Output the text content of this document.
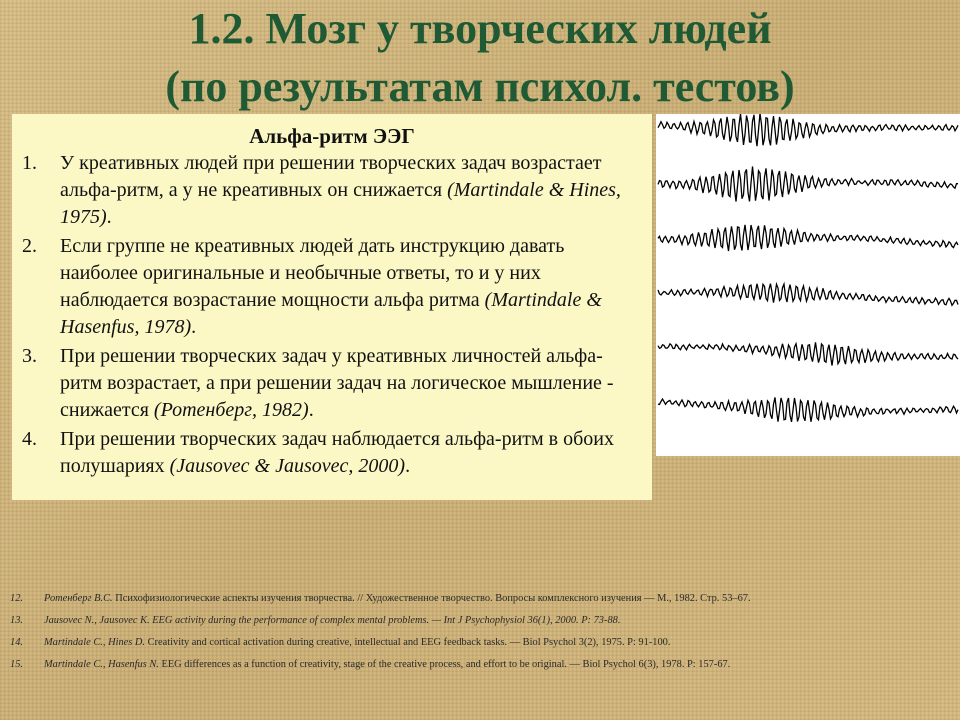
1.2. Мозг у творческих людей
(по результатам психол. тестов)
Альфа-ритм ЭЭГ
1. У креативных людей при решении творческих задач возрастает альфа-ритм, а у не креативных он снижается (Martindale & Hines, 1975).
2. Если группе не креативных людей дать инструкцию давать наиболее оригинальные и необычные ответы, то и у них наблюдается возрастание мощности альфа ритма (Martindale & Hasenfus, 1978).
3. При решении творческих задач у креативных личностей альфа-ритм возрастает, а при решении задач на логическое мышление - снижается (Ротенберг, 1982).
4. При решении творческих задач наблюдается альфа-ритм в обоих полушариях (Jausovec & Jausovec, 2000).
12. Ротенберг В.С. Психофизиологические аспекты изучения творчества. // Художественное творчество. Вопросы комплексного изучения — М., 1982. Стр. 53–67.
13. Jausovec N., Jausovec K. EEG activity during the performance of complex mental problems. — Int J Psychophysiol 36(1), 2000. P: 73-88.
14. Martindale C., Hines D. Creativity and cortical activation during creative, intellectual and EEG feedback tasks. — Biol Psychol 3(2), 1975. P: 91-100.
15. Martindale C., Hasenfus N. EEG differences as a function of creativity, stage of the creative process, and effort to be original. — Biol Psychol 6(3), 1978. P: 157-67.
